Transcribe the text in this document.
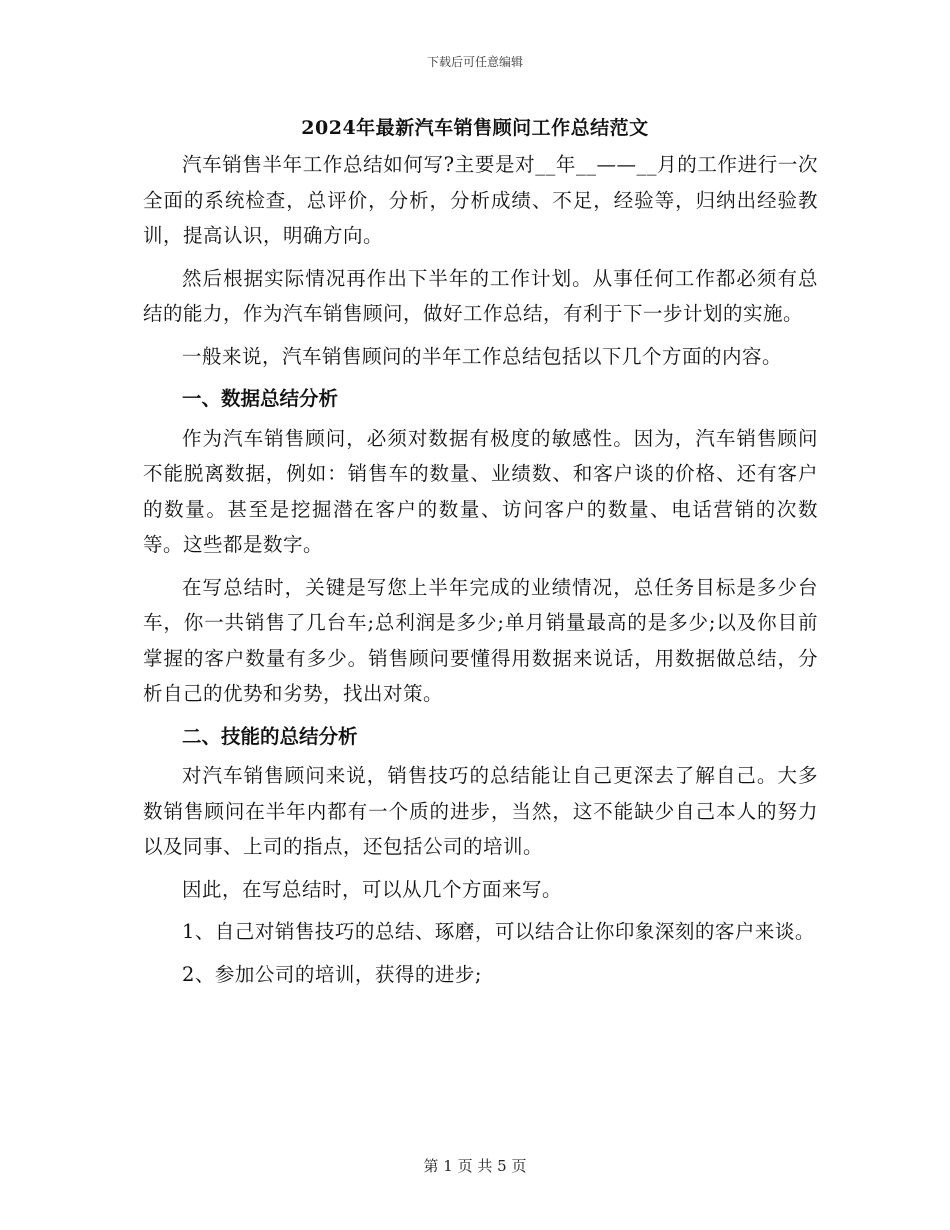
下载后可任意编辑
2024年最新汽车销售顾问工作总结范文

汽车销售半年工作总结如何写?主要是对__年__——__月的工作进行一次全面的系统检查，总评价，分析，分析成绩、不足，经验等，归纳出经验教训，提高认识，明确方向。

然后根据实际情况再作出下半年的工作计划。从事任何工作都必须有总结的能力，作为汽车销售顾问，做好工作总结，有利于下一步计划的实施。

一般来说，汽车销售顾问的半年工作总结包括以下几个方面的内容。

一、数据总结分析

作为汽车销售顾问，必须对数据有极度的敏感性。因为，汽车销售顾问不能脱离数据，例如：销售车的数量、业绩数、和客户谈的价格、还有客户的数量。甚至是挖掘潜在客户的数量、访问客户的数量、电话营销的次数等。这些都是数字。

在写总结时，关键是写您上半年完成的业绩情况，总任务目标是多少台车，你一共销售了几台车;总利润是多少;单月销量最高的是多少;以及你目前掌握的客户数量有多少。销售顾问要懂得用数据来说话，用数据做总结，分析自己的优势和劣势，找出对策。

二、技能的总结分析

对汽车销售顾问来说，销售技巧的总结能让自己更深去了解自己。大多数销售顾问在半年内都有一个质的进步，当然，这不能缺少自己本人的努力以及同事、上司的指点，还包括公司的培训。

因此，在写总结时，可以从几个方面来写。

1、自己对销售技巧的总结、琢磨，可以结合让你印象深刻的客户来谈。

2、参加公司的培训，获得的进步;

第 1 页 共 5 页
